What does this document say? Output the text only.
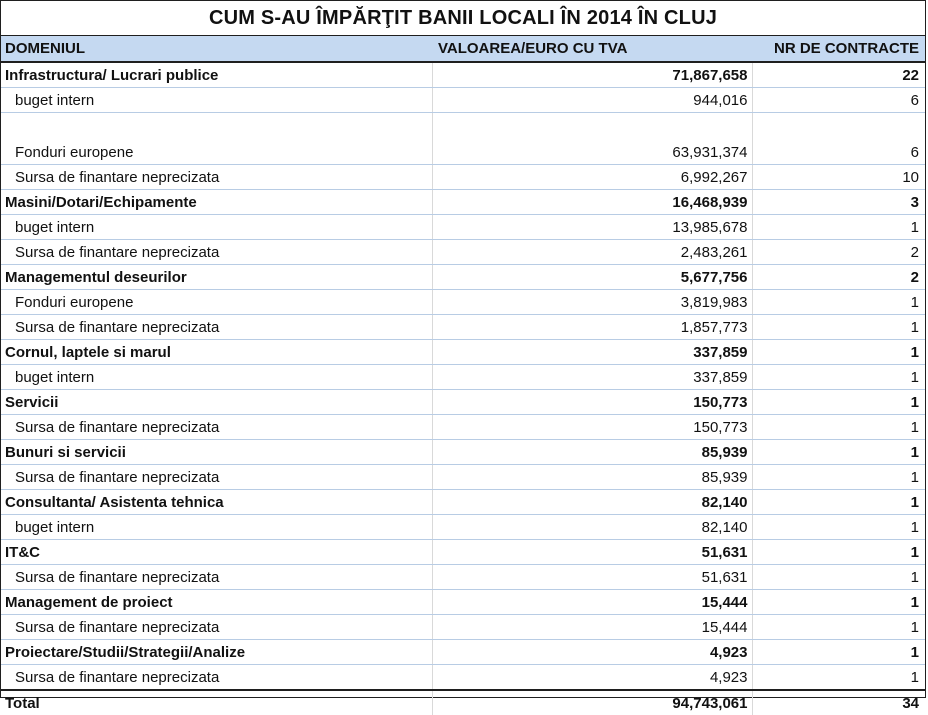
CUM S-AU ÎMPĂRŢIT BANII LOCALI ÎN 2014 ÎN CLUJ
DOMENIUL	VALOAREA/EURO CU TVA	NR DE CONTRACTE
Infrastructura/ Lucrari publice	71,867,658	22
buget intern	944,016	6
Fonduri europene	63,931,374	6
Sursa de finantare neprecizata	6,992,267	10
Masini/Dotari/Echipamente	16,468,939	3
buget intern	13,985,678	1
Sursa de finantare neprecizata	2,483,261	2
Managementul deseurilor	5,677,756	2
Fonduri europene	3,819,983	1
Sursa de finantare neprecizata	1,857,773	1
Cornul, laptele si marul	337,859	1
buget intern	337,859	1
Servicii	150,773	1
Sursa de finantare neprecizata	150,773	1
Bunuri si servicii	85,939	1
Sursa de finantare neprecizata	85,939	1
Consultanta/ Asistenta tehnica	82,140	1
buget intern	82,140	1
IT&C	51,631	1
Sursa de finantare neprecizata	51,631	1
Management de proiect	15,444	1
Sursa de finantare neprecizata	15,444	1
Proiectare/Studii/Strategii/Analize	4,923	1
Sursa de finantare neprecizata	4,923	1
Total	94,743,061	34
